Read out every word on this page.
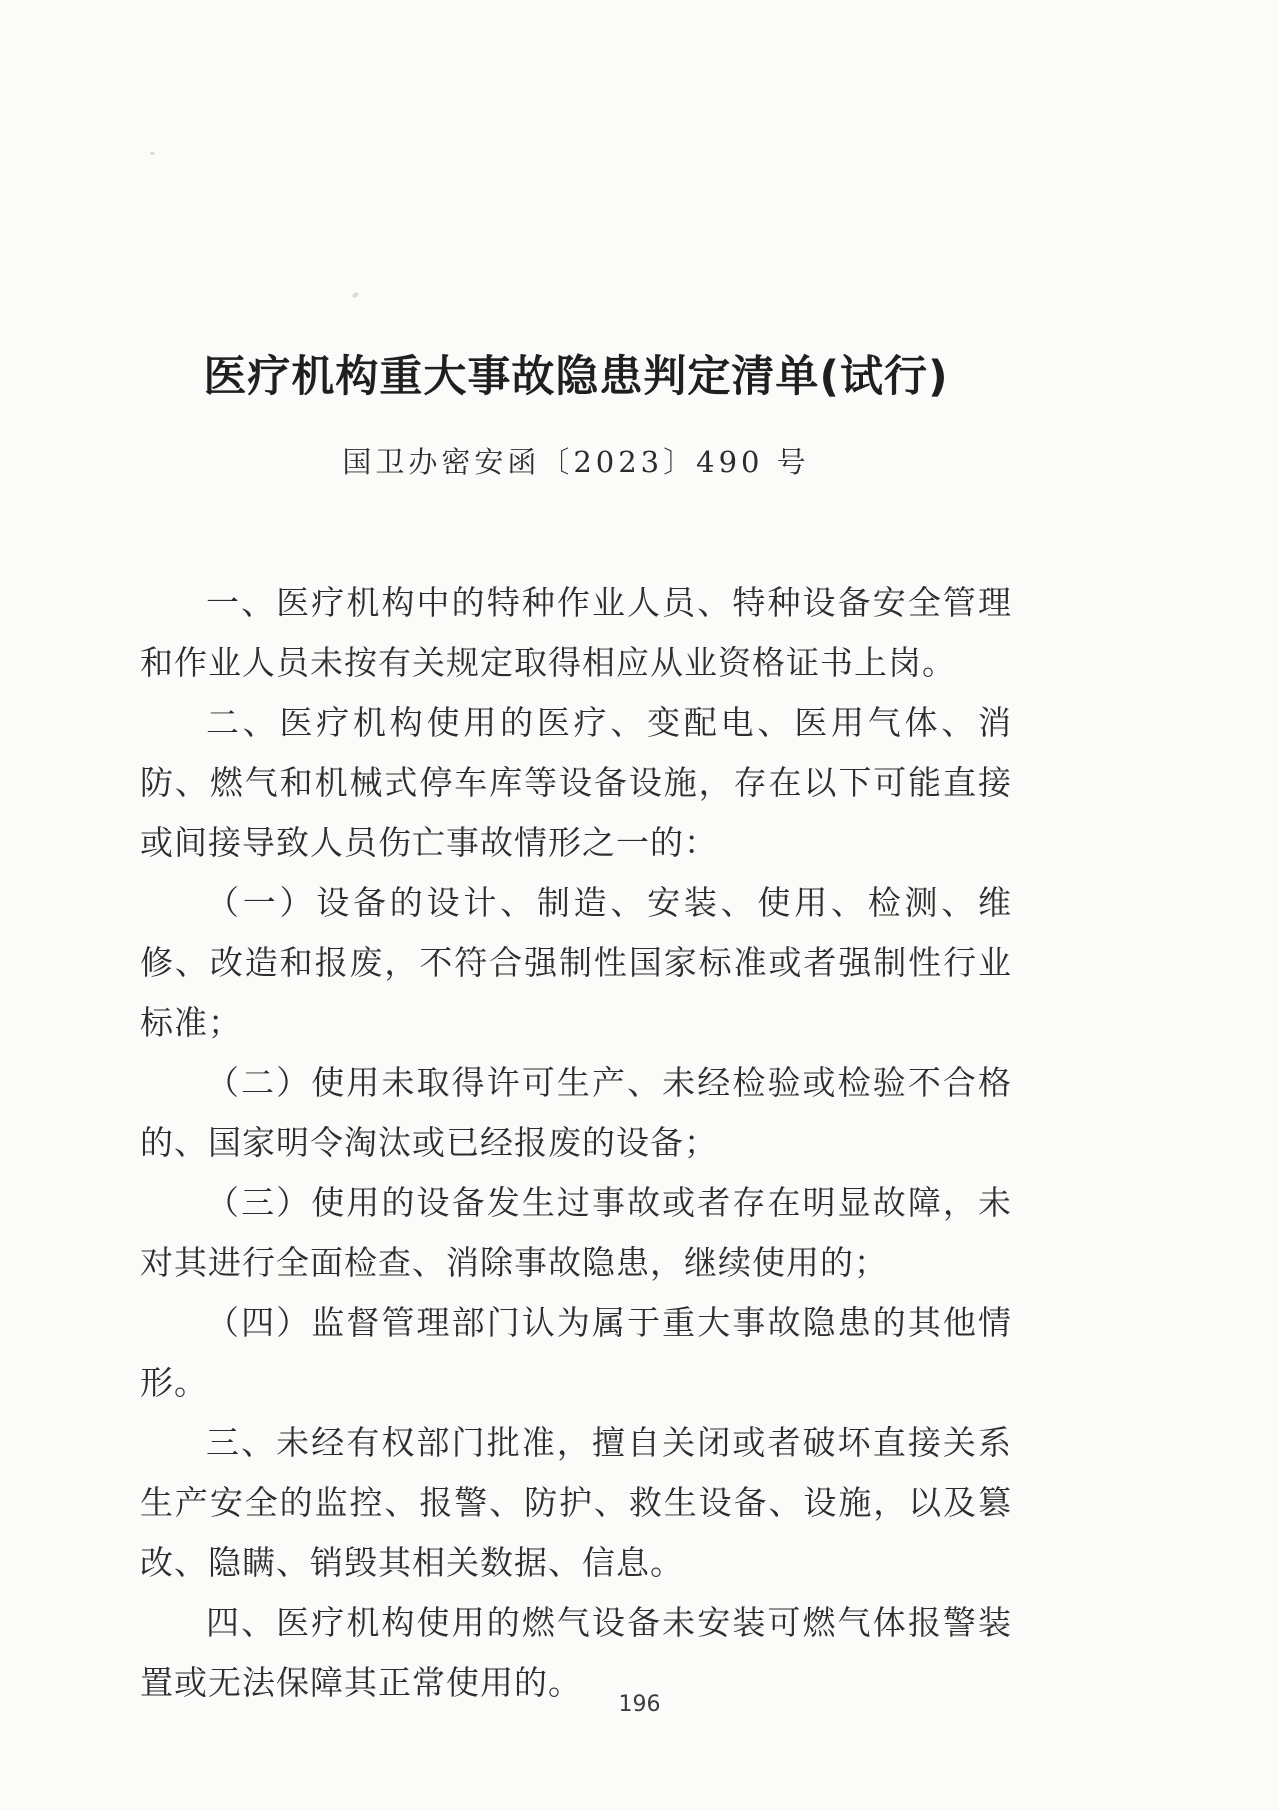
医疗机构重大事故隐患判定清单(试行)
国卫办密安函〔2023〕490 号

一、医疗机构中的特种作业人员、特种设备安全管理和作业人员未按有关规定取得相应从业资格证书上岗。

二、医疗机构使用的医疗、变配电、医用气体、消防、燃气和机械式停车库等设备设施，存在以下可能直接或间接导致人员伤亡事故情形之一的：

（一）设备的设计、制造、安装、使用、检测、维修、改造和报废，不符合强制性国家标准或者强制性行业标准；

（二）使用未取得许可生产、未经检验或检验不合格的、国家明令淘汰或已经报废的设备；

（三）使用的设备发生过事故或者存在明显故障，未对其进行全面检查、消除事故隐患，继续使用的；

（四）监督管理部门认为属于重大事故隐患的其他情形。

三、未经有权部门批准，擅自关闭或者破坏直接关系生产安全的监控、报警、防护、救生设备、设施，以及篡改、隐瞒、销毁其相关数据、信息。

四、医疗机构使用的燃气设备未安装可燃气体报警装置或无法保障其正常使用的。

196
